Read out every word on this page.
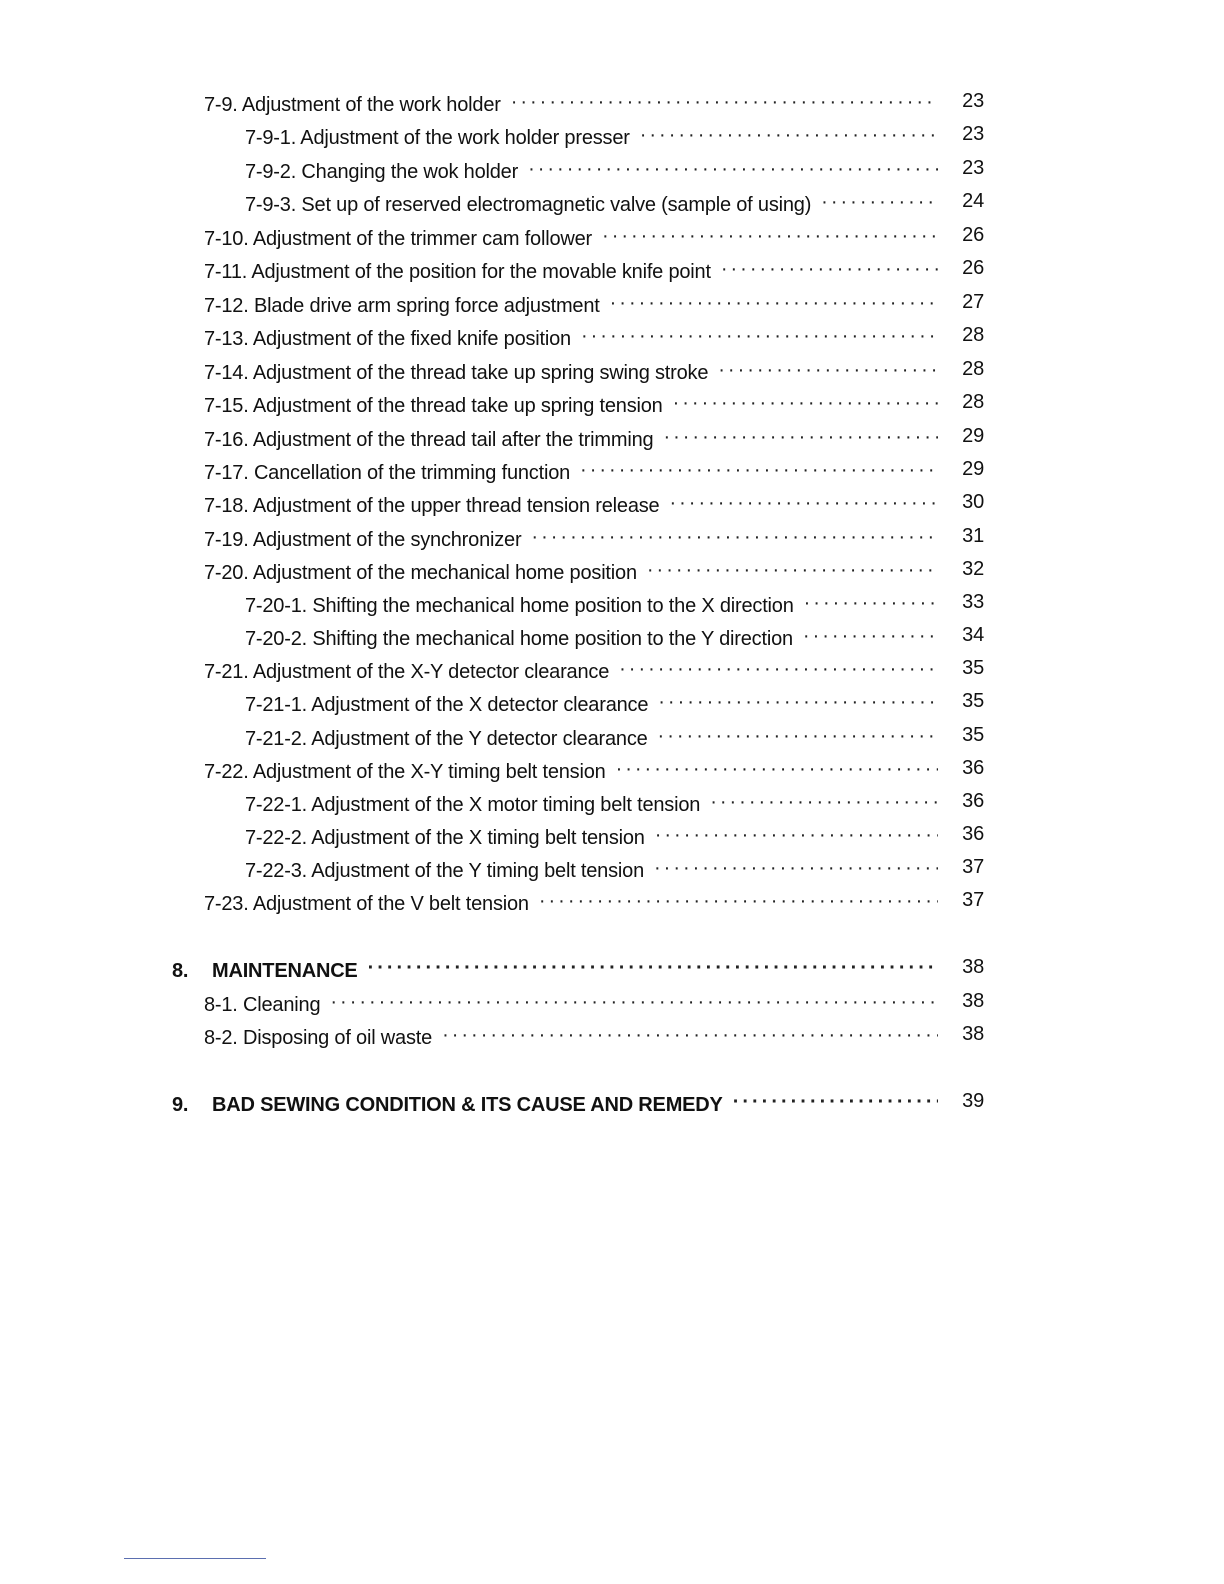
7-9. Adjustment of the work holder ·····	23
7-9-1. Adjustment of the work holder presser ·····	23
7-9-2. Changing the wok holder ·····	23
7-9-3. Set up of reserved electromagnetic valve (sample of using) ·····	24
7-10. Adjustment of the trimmer cam follower ·····	26
7-11. Adjustment of the position for the movable knife point ·····	26
7-12. Blade drive arm spring force adjustment ·····	27
7-13. Adjustment of the fixed knife position ·····	28
7-14. Adjustment of the thread take up spring swing stroke ·····	28
7-15. Adjustment of the thread take up spring tension ·····	28
7-16. Adjustment of the thread tail after the trimming ·····	29
7-17. Cancellation of the trimming function ·····	29
7-18. Adjustment of the upper thread tension release ·····	30
7-19. Adjustment of the synchronizer ·····	31
7-20. Adjustment of the mechanical home position ·····	32
7-20-1. Shifting the mechanical home position to the X direction ·····	33
7-20-2. Shifting the mechanical home position to the Y direction ·····	34
7-21. Adjustment of the X-Y detector clearance ·····	35
7-21-1. Adjustment of the X detector clearance ·····	35
7-21-2. Adjustment of the Y detector clearance ·····	35
7-22. Adjustment of the X-Y timing belt tension ·····	36
7-22-1. Adjustment of the X motor timing belt tension ·····	36
7-22-2. Adjustment of the X timing belt tension ·····	36
7-22-3. Adjustment of the Y timing belt tension ·····	37
7-23. Adjustment of the V belt tension ·····	37
8. MAINTENANCE ·····	38
8-1. Cleaning ·····	38
8-2. Disposing of oil waste ·····	38
9. BAD SEWING CONDITION & ITS CAUSE AND REMEDY ·····	39
